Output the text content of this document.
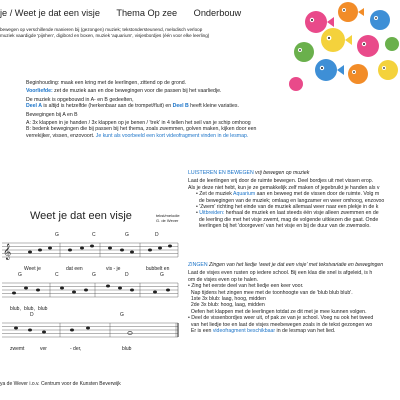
je / Weet je dat een visje Thema Op zee Onderbouw
bewegen op verschillende manieren bij (gezongen) muziek; tekstondersteunend, melodisch verloop
muziek vaardigde 'pijnhen', digibord en boxen, muziek 'aquarium', visjesbordjes (één voor elke leerling)
Beginhouding: maak een kring met de leerlingen, zittend op de grond.
Voorliefde: zet de muziek aan en doe bewegingen voor die passen bij het vaarliedje.
De muziek is opgebouwd in A- en B gedeelten,
Deel A is altijd is hetzelfde (herkenbaar aan de trompet/fluit) en Deel B heeft kleine variaties.
Bewegingen bij A en B
A: 3x klappen in je handen / 3x klappen op je benen / 'trek' in 4 tellen het seil van je schip omhoog
B: bedenk bewegingen die bij passen bij het thema, zoals zwemmen, golven maken, kijken door een
verrekijker, vissen, enzovoort. Je kunt als voorbeeld een kort videofragment vinden in de lesmap.
LUISTEREN EN BEWEGEN vrij bewegen op muziek
Laat de leerlingen vrij door de ruimte bewegen. Deel bordjes uit met vissen erop.
Als je deze niet hebt, kun je ze gemakkelijk zelf maken of jegebruikt je handen als v
• Zet de muziek Aquarium aan en beweeg met de vissen door de ruimte. Volg m
de bewegingen van de muziek; omlaag en langzamer en weer omhoog, enzovoo
• 'Zwem' richting het einde van de muziek allemaal weer naar een plekje in de k
• Uitbreiden: herhaal de muziek en laat steeds één visje alleen zwemmen en de
de leerling die met het visje zwemt, mag de volgende uitkiezen die gaat. Onde
leerlingen bij het 'doorgeven' van het visje en bij de duur van de zwemsolo.
ZINGEN Zingen van het liedje 'weet je dat een visje' met tekstvariatie en bewegingen
Laat de visjes even rusten op iedere school. Bij een klas die snel is afgeleid, is h
om de visjes even op te halen.
• Zing het eerste deel van het liedje een keer voor.
Nap tijdens het zingen mee met de toonhoogte van de 'blub blub blub'.
1ste 3x blub: laag, hoog, midden
2de 3x blub: hoog, laag, midden
Oefen het klappen met de leerlingen totdat ze dit met je mee kunnen volgen.
• Deel de vissenbordjes weer uit, of pak ze van je school. Voeg nu ook het tweed
van het liedje toe en laat de visjes meebewegen zoals in de tekst gezongen wo
Er is een videofragment beschikbaar in de lesmap van het lied.
Weet je dat een visje	tekst/melodie
G. de Wever
G	C	G	D
𝄞
Weet je	dat een	vis - je	bubbelt en
G	C	G	D	G
blub, blub, blub
D	G
zwemt	ver	- der,	blub
ya de Wever i.o.v. Centrum voor de Kunsten Beverwijk
